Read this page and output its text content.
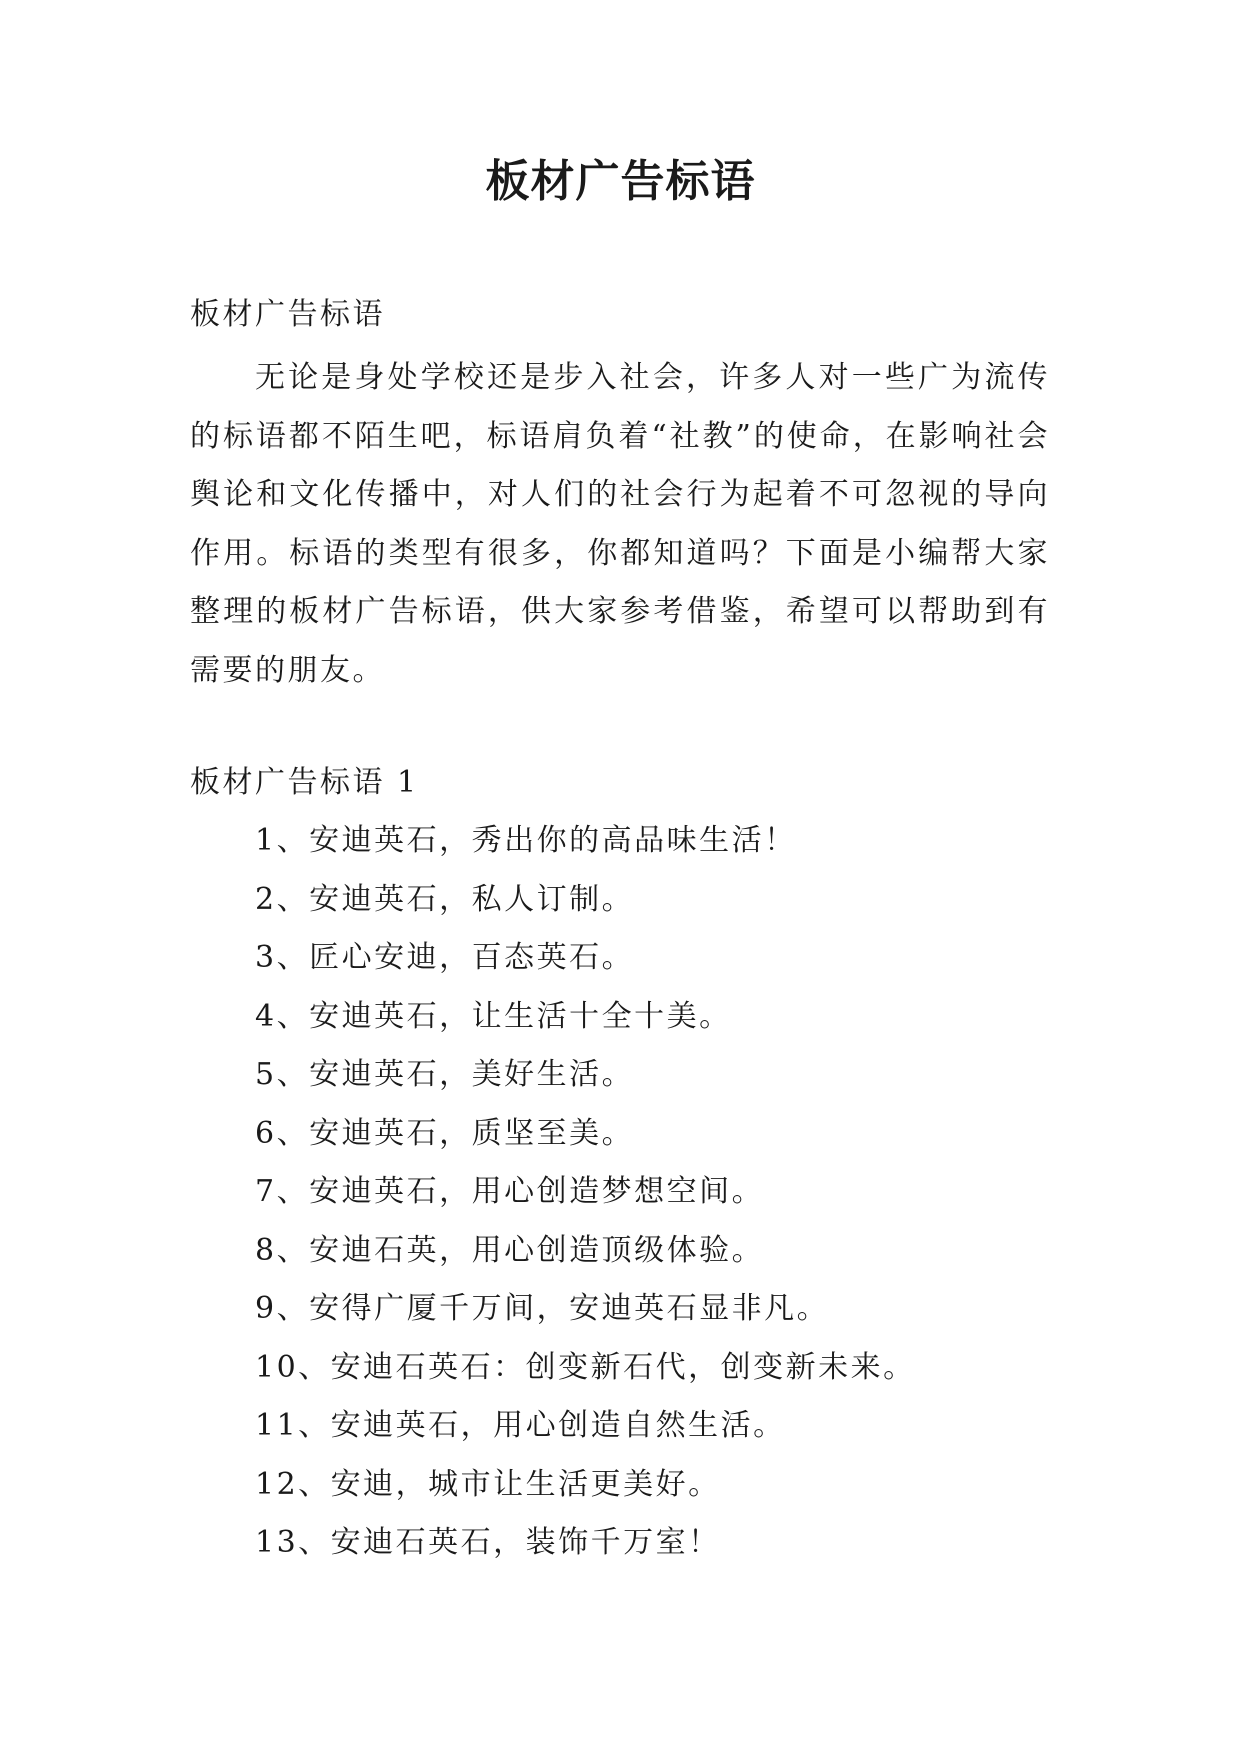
板材广告标语

板材广告标语

无论是身处学校还是步入社会，许多人对一些广为流传的标语都不陌生吧，标语肩负着“社教”的使命，在影响社会舆论和文化传播中，对人们的社会行为起着不可忽视的导向作用。标语的类型有很多，你都知道吗？下面是小编帮大家整理的板材广告标语，供大家参考借鉴，希望可以帮助到有需要的朋友。

板材广告标语 1

1、安迪英石，秀出你的高品味生活！
2、安迪英石，私人订制。
3、匠心安迪，百态英石。
4、安迪英石，让生活十全十美。
5、安迪英石，美好生活。
6、安迪英石，质坚至美。
7、安迪英石，用心创造梦想空间。
8、安迪石英，用心创造顶级体验。
9、安得广厦千万间，安迪英石显非凡。
10、安迪石英石：创变新石代，创变新未来。
11、安迪英石，用心创造自然生活。
12、安迪，城市让生活更美好。
13、安迪石英石，装饰千万室！
